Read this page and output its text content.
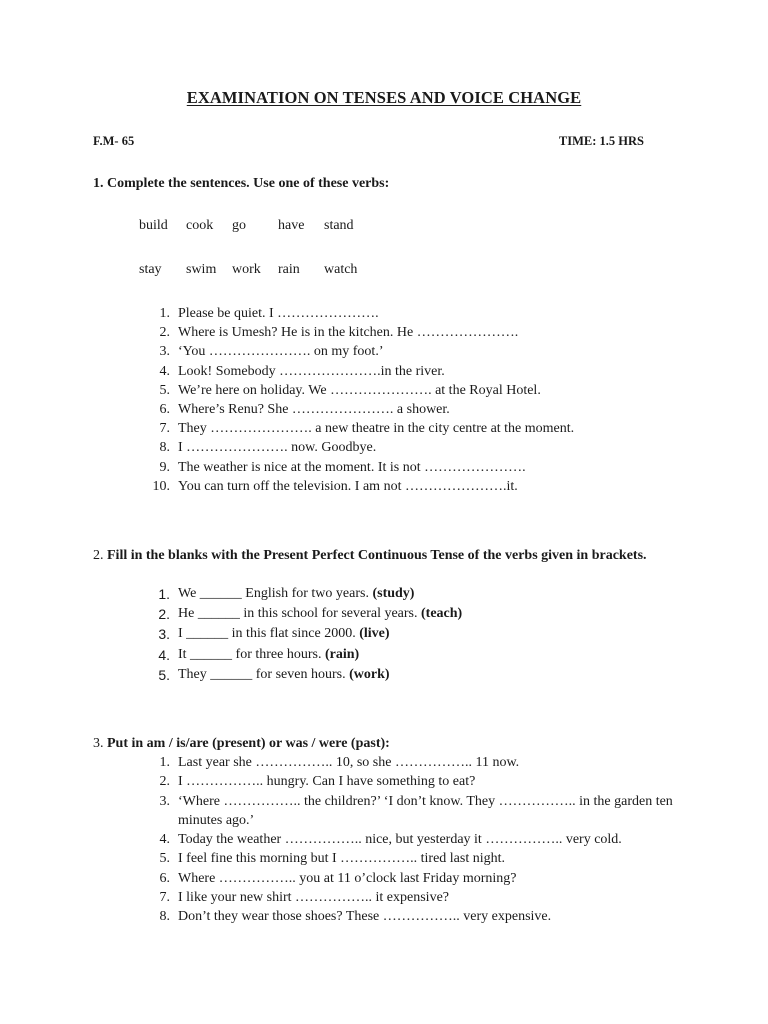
EXAMINATION ON TENSES AND VOICE CHANGE
F.M- 65	TIME: 1.5 HRS
1. Complete the sentences. Use one of these verbs:
build cook go have stand
stay swim work rain watch
1. Please be quiet. I ………………….
2. Where is Umesh? He is in the kitchen. He ………………….
3. ‘You …………………. on my foot.’
4. Look! Somebody ………………….in the river.
5. We’re here on holiday. We …………………. at the Royal Hotel.
6. Where’s Renu? She …………………. a shower.
7. They …………………. a new theatre in the city centre at the moment.
8. I …………………. now. Goodbye.
9. The weather is nice at the moment. It is not ………………….
10. You can turn off the television. I am not ………………….it.
2. Fill in the blanks with the Present Perfect Continuous Tense of the verbs given in brackets.
1. We ______ English for two years. (study)
2. He ______ in this school for several years. (teach)
3. I ______ in this flat since 2000. (live)
4. It ______ for three hours. (rain)
5. They ______ for seven hours. (work)
3. Put in am / is/are (present) or was / were (past):
1. Last year she …………….. 10, so she …………….. 11 now.
2. I …………….. hungry. Can I have something to eat?
3. ‘Where …………….. the children?’ ‘I don’t know. They …………….. in the garden ten minutes ago.’
4. Today the weather …………….. nice, but yesterday it …………….. very cold.
5. I feel fine this morning but I …………….. tired last night.
6. Where …………….. you at 11 o’clock last Friday morning?
7. I like your new shirt …………….. it expensive?
8. Don’t they wear those shoes? These …………….. very expensive.
